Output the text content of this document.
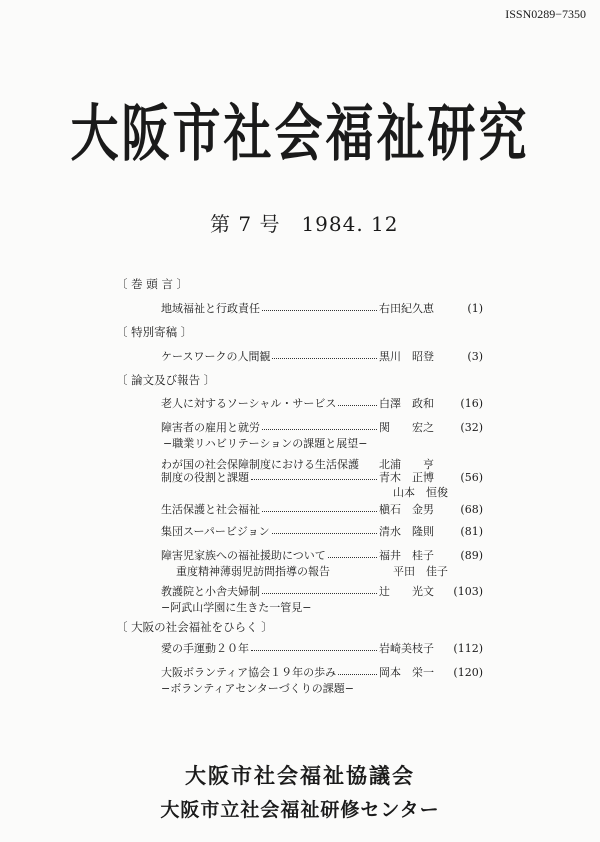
ISSN0289−7350
大阪市社会福祉研究
第 7 号　1984. 12
〔 巻 頭 言 〕
地域福祉と行政責任	右田紀久恵	(1)
〔 特別寄稿 〕
ケースワークの人間観	黒川　昭登	(3)
〔 論文及び報告 〕
老人に対するソーシャル・サービス	白澤　政和	(16)
障害者の雇用と就労	関　　宏之	(32)
−職業リハビリテーションの課題と展望−
わが国の社会保障制度における生活保護 北浦　　亨
制度の役割と課題	青木　正博	(56)
山本　恒俊
生活保護と社会福祉	槇石　金男	(68)
集団スーパービジョン	清水　隆則	(81)
障害児家族への福祉援助について	福井　桂子	(89)
重度精神薄弱児訪問指導の報告	平田　佳子
教護院と小舎夫婦制	辻　　光文	(103)
−阿武山学園に生きた一管見−
〔 大阪の社会福祉をひらく 〕
愛の手運動２０年	岩崎美枝子	(112)
大阪ボランティア協会１９年の歩み	岡本　栄一	(120)
−ボランティアセンターづくりの課題−
大阪市社会福祉協議会
大阪市立社会福祉研修センター
